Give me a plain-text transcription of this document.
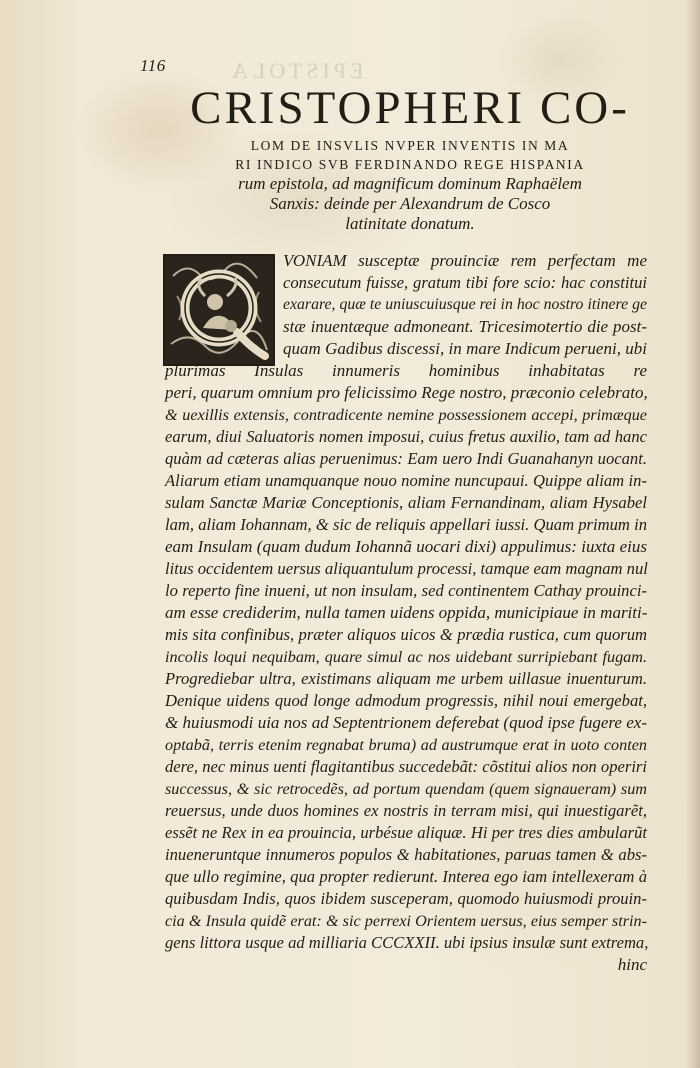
116	EPISTOLA
CRISTOPHERI CO-
LOM DE INSVLIS NVPER INVENTIS IN MA
RI INDICO SVB FERDINANDO REGE HISPANIA
rum epistola, ad magnificum dominum Raphaëlem
Sanxis: deinde per Alexandrum de Cosco
latinitate donatum.
VONIAM susceptæ prouinciæ rem perfectam me
consecutum fuisse, gratum tibi fore scio: hac constitui
exarare, quæ te uniuscuiusque rei in hoc nostro itinere ge
stæ inuentæque admoneant. Tricesimotertio die post-
quam Gadibus discessi, in mare Indicum perueni, ubi
plurimas Insulas innumeris hominibus inhabitatas re
peri, quarum omnium pro felicissimo Rege nostro, præconio celebrato,
& uexillis extensis, contradicente nemine possessionem accepi, primæque
earum, diui Saluatoris nomen imposui, cuius fretus auxilio, tam ad hanc
quàm ad cæteras alias peruenimus: Eam uero Indi Guanahanyn uocant.
Aliarum etiam unamquanque nouo nomine nuncupaui. Quippe aliam in-
sulam Sanctæ Mariæ Conceptionis, aliam Fernandinam, aliam Hysabel
lam, aliam Iohannam, & sic de reliquis appellari iussi. Quam primum in
eam Insulam (quam dudum Iohannã uocari dixi) appulimus: iuxta eius
litus occidentem uersus aliquantulum processi, tamque eam magnam nul
lo reperto fine inueni, ut non insulam, sed continentem Cathay prouinci-
am esse crediderim, nulla tamen uidens oppida, municipiaue in mariti-
mis sita confinibus, præter aliquos uicos & prædia rustica, cum quorum
incolis loqui nequibam, quare simul ac nos uidebant surripiebant fugam.
Progrediebar ultra, existimans aliquam me urbem uillasue inuenturum.
Denique uidens quod longe admodum progressis, nihil noui emergebat,
& huiusmodi uia nos ad Septentrionem deferebat (quod ipse fugere ex-
optabã, terris etenim regnabat bruma) ad austrumque erat in uoto conten
dere, nec minus uenti flagitantibus succedebãt: cõstitui alios non operiri
successus, & sic retrocedẽs, ad portum quendam (quem signaueram) sum
reuersus, unde duos homines ex nostris in terram misi, qui inuestigarẽt,
essẽt ne Rex in ea prouincia, urbésue aliquæ. Hi per tres dies ambularũt
inueneruntque innumeros populos & habitationes, paruas tamen & abs-
que ullo regimine, qua propter redierunt. Interea ego iam intellexeram à
quibusdam Indis, quos ibidem susceperam, quomodo huiusmodi prouin-
cia & Insula quidẽ erat: & sic perrexi Orientem uersus, eius semper strin-
gens littora usque ad milliaria CCCXXII. ubi ipsius insulæ sunt extrema,
hinc
